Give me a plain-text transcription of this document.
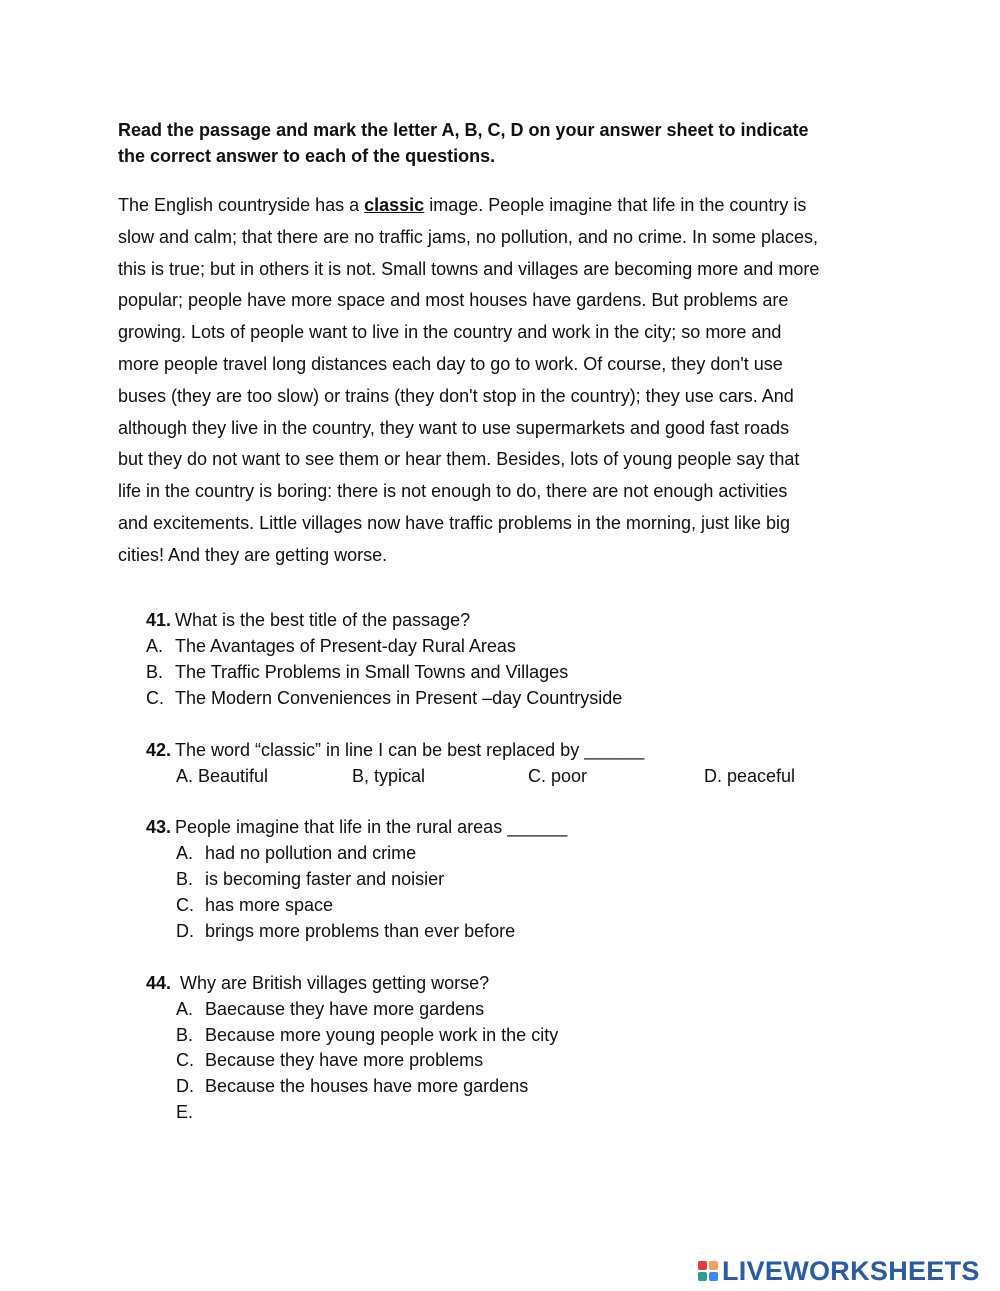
Read the passage and mark the letter A, B, C, D on your answer sheet to indicate
the correct answer to each of the questions.
The English countryside has a classic image. People imagine that life in the country is
slow and calm; that there are no traffic jams, no pollution, and no crime. In some places,
this is true; but in others it is not. Small towns and villages are becoming more and more
popular; people have more space and most houses have gardens. But problems are
growing. Lots of people want to live in the country and work in the city; so more and
more people travel long distances each day to go to work. Of course, they don't use
buses (they are too slow) or trains (they don't stop in the country); they use cars. And
although they live in the country, they want to use supermarkets and good fast roads
but they do not want to see them or hear them. Besides, lots of young people say that
life in the country is boring: there is not enough to do, there are not enough activities
and excitements. Little villages now have traffic problems in the morning, just like big
cities! And they are getting worse.
41. What is the best title of the passage?
A. The Avantages of Present-day Rural Areas
B. The Traffic Problems in Small Towns and Villages
C. The Modern Conveniences in Present –day Countryside
42. The word “classic” in line I can be best replaced by ______
A. Beautiful	B, typical	C. poor	D. peaceful
43. People imagine that life in the rural areas ______
A. had no pollution and crime
B. is becoming faster and noisier
C. has more space
D. brings more problems than ever before
44. Why are British villages getting worse?
A. Baecause they have more gardens
B. Because more young people work in the city
C. Because they have more problems
D. Because the houses have more gardens
E.
LIVEWORKSHEETS
